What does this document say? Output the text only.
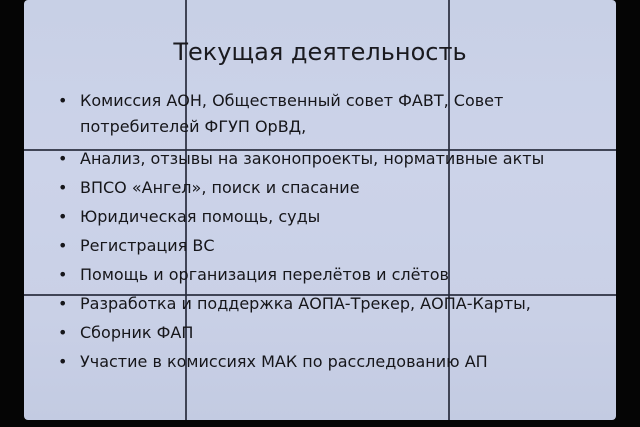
Текущая деятельность
• Комиссия АОН, Общественный совет ФАВТ, Совет потребителей ФГУП ОрВД,
• Анализ, отзывы на законопроекты, нормативные акты
• ВПСО «Ангел», поиск и спасание
• Юридическая помощь, суды
• Регистрация ВС
• Помощь и организация перелётов и слётов
• Разработка и поддержка АОПА-Трекер, АОПА-Карты,
• Сборник ФАП
• Участие в комиссиях МАК по расследованию АП
